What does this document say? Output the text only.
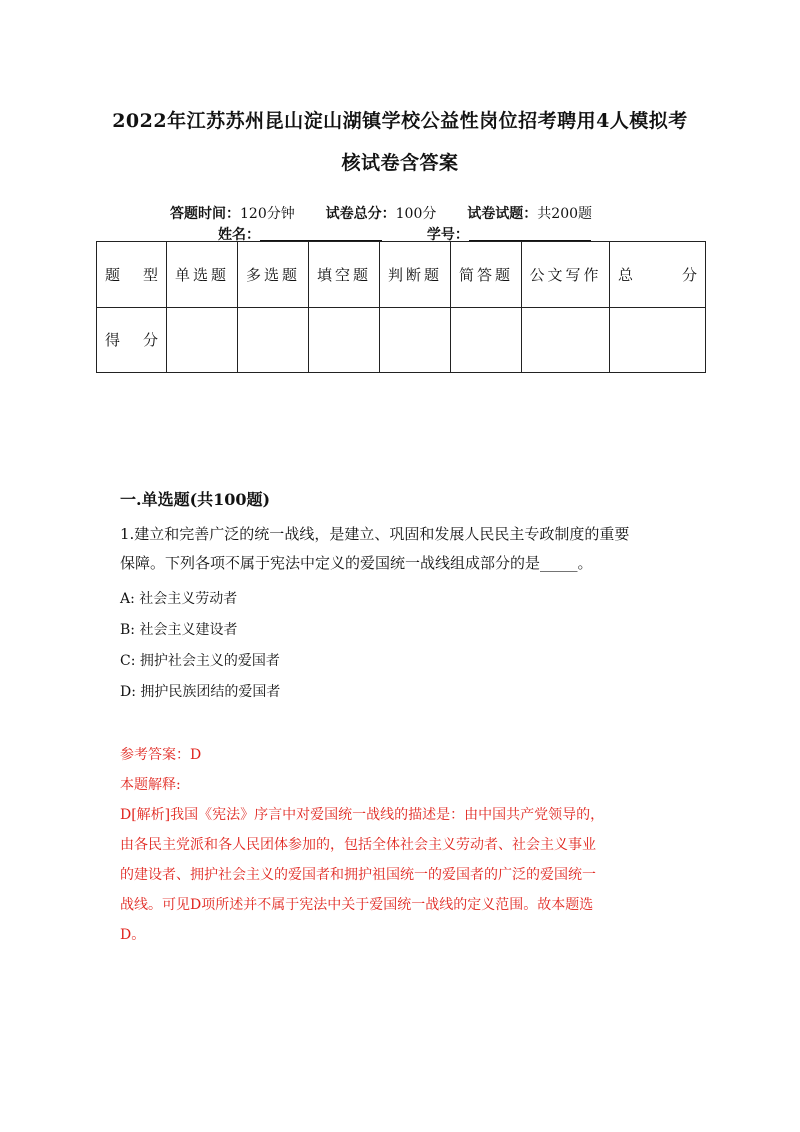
2022年江苏苏州昆山淀山湖镇学校公益性岗位招考聘用4人模拟考
核试卷含答案
答题时间：120分钟 试卷总分：100分 试卷试题：共200题
姓名：	学号：
题型	单选题	多选题	填空题	判断题	简答题	公文写作	总分
得分							
一.单选题(共100题)
1.建立和完善广泛的统一战线，是建立、巩固和发展人民民主专政制度的重要
保障。下列各项不属于宪法中定义的爱国统一战线组成部分的是_____。
A: 社会主义劳动者
B: 社会主义建设者
C: 拥护社会主义的爱国者
D: 拥护民族团结的爱国者
参考答案：D
本题解释:
D[解析]我国《宪法》序言中对爱国统一战线的描述是：由中国共产党领导的，
由各民主党派和各人民团体参加的，包括全体社会主义劳动者、社会主义事业
的建设者、拥护社会主义的爱国者和拥护祖国统一的爱国者的广泛的爱国统一
战线。可见D项所述并不属于宪法中关于爱国统一战线的定义范围。故本题选
D。
